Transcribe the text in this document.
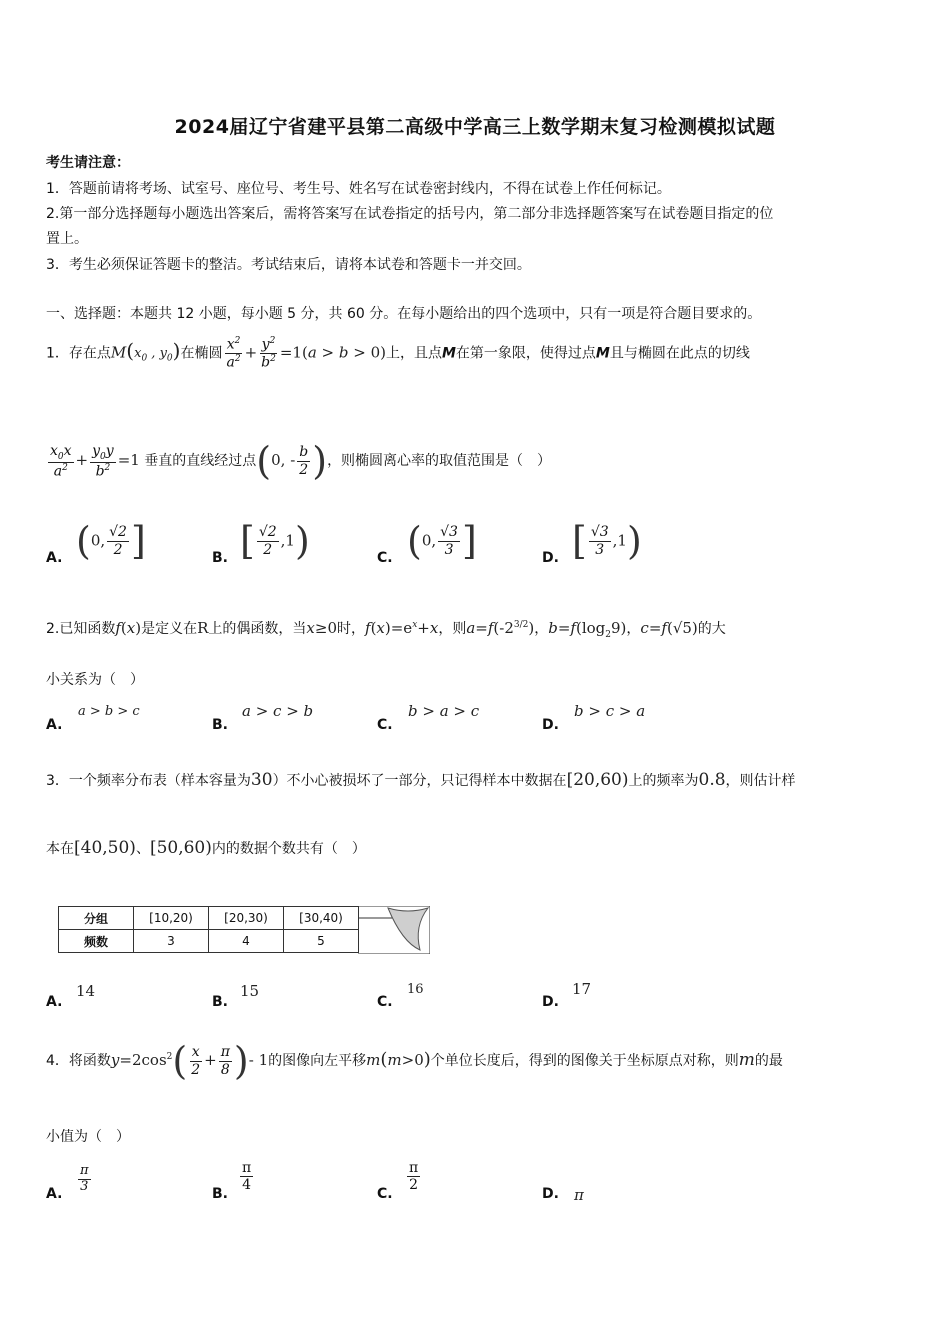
2024届辽宁省建平县第二高级中学高三上数学期末复习检测模拟试题
考生请注意：
1．答题前请将考场、试室号、座位号、考生号、姓名写在试卷密封线内，不得在试卷上作任何标记。
2.第一部分选择题每小题选出答案后，需将答案写在试卷指定的括号内，第二部分非选择题答案写在试卷题目指定的位
置上。
3．考生必须保证答题卡的整洁。考试结束后，请将本试卷和答题卡一并交回。
一、选择题：本题共 12 小题，每小题 5 分，共 60 分。在每小题给出的四个选项中，只有一项是符合题目要求的。
1．存在点$M(x_0$ , $y_0$)在椭圆 $\frac{x^2}{a^2} + \frac{y^2}{b^2} =1(a > b > 0)$上，且点M在第一象限，使得过点M且与椭圆在此点的切线
$\frac{x_0x}{a^2} + \frac{y_0y}{b^2} =1$ 垂直的直线经过点(0, - $\frac{b}{2}$ )，则椭圆离心率的取值范围是（　）
A. (0, $\frac{√2}{2}$ ]	B. [ $\frac{√2}{2} ,1$)	C. (0, $\frac{√3}{3}$ ]	D. [ $\frac{√3}{3} ,1$)
2.已知函数f(x)是定义在R上的偶函数，当x≥0时，$f(x)=e^x+x$，则$a=f(-2^{3/2})$，$b=f(\log_29)$，c=f(√5)的大
小关系为（　）
A.
a > b > c
B.
a > c > b
C.
b > a > c
D.
b > c > a
3．一个频率分布表（样本容量为30）不小心被损坏了一部分，只记得样本中数据在[20,60)上的频率为0.8，则估计样
本在[40,50)、[50,60)内的数据个数共有（　）
分组	[10,20)	[20,30)	[30,40)
频数	3	4	5
A.
14
B.
15
C.
16
D.
17
4．将函数$y=2\cos^2( \frac{x}{2} + \frac{\pi}{8}$ )- 1的图像向左平移m(m>0)个单位长度后，得到的图像关于坐标原点对称，则m的最
小值为（　）
A. $\frac{\pi}{3}$	B.
$\frac{\pi}{4}$
C.
$\frac{\pi}{2}$
D. π
